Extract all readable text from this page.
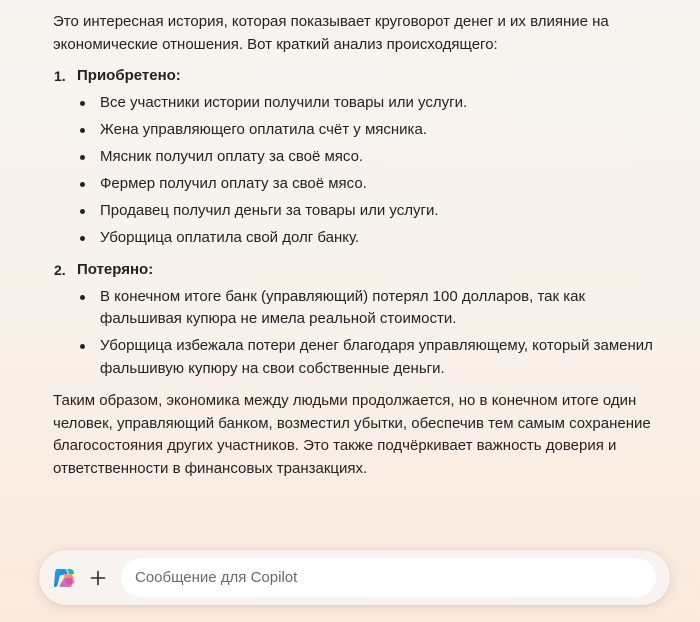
Это интересная история, которая показывает круговорот денег и их влияние на экономические отношения. Вот краткий анализ происходящего:

1. Приобретено:
Все участники истории получили товары или услуги.
Жена управляющего оплатила счёт у мясника.
Мясник получил оплату за своё мясо.
Фермер получил оплату за своё мясо.
Продавец получил деньги за товары или услуги.
Уборщица оплатила свой долг банку.
2. Потеряно:
В конечном итоге банк (управляющий) потерял 100 долларов, так как фальшивая купюра не имела реальной стоимости.
Уборщица избежала потери денег благодаря управляющему, который заменил фальшивую купюру на свои собственные деньги.

Таким образом, экономика между людьми продолжается, но в конечном итоге один человек, управляющий банком, возместил убытки, обеспечив тем самым сохранение благосостояния других участников. Это также подчёркивает важность доверия и ответственности в финансовых транзакциях.

Сообщение для Copilot
